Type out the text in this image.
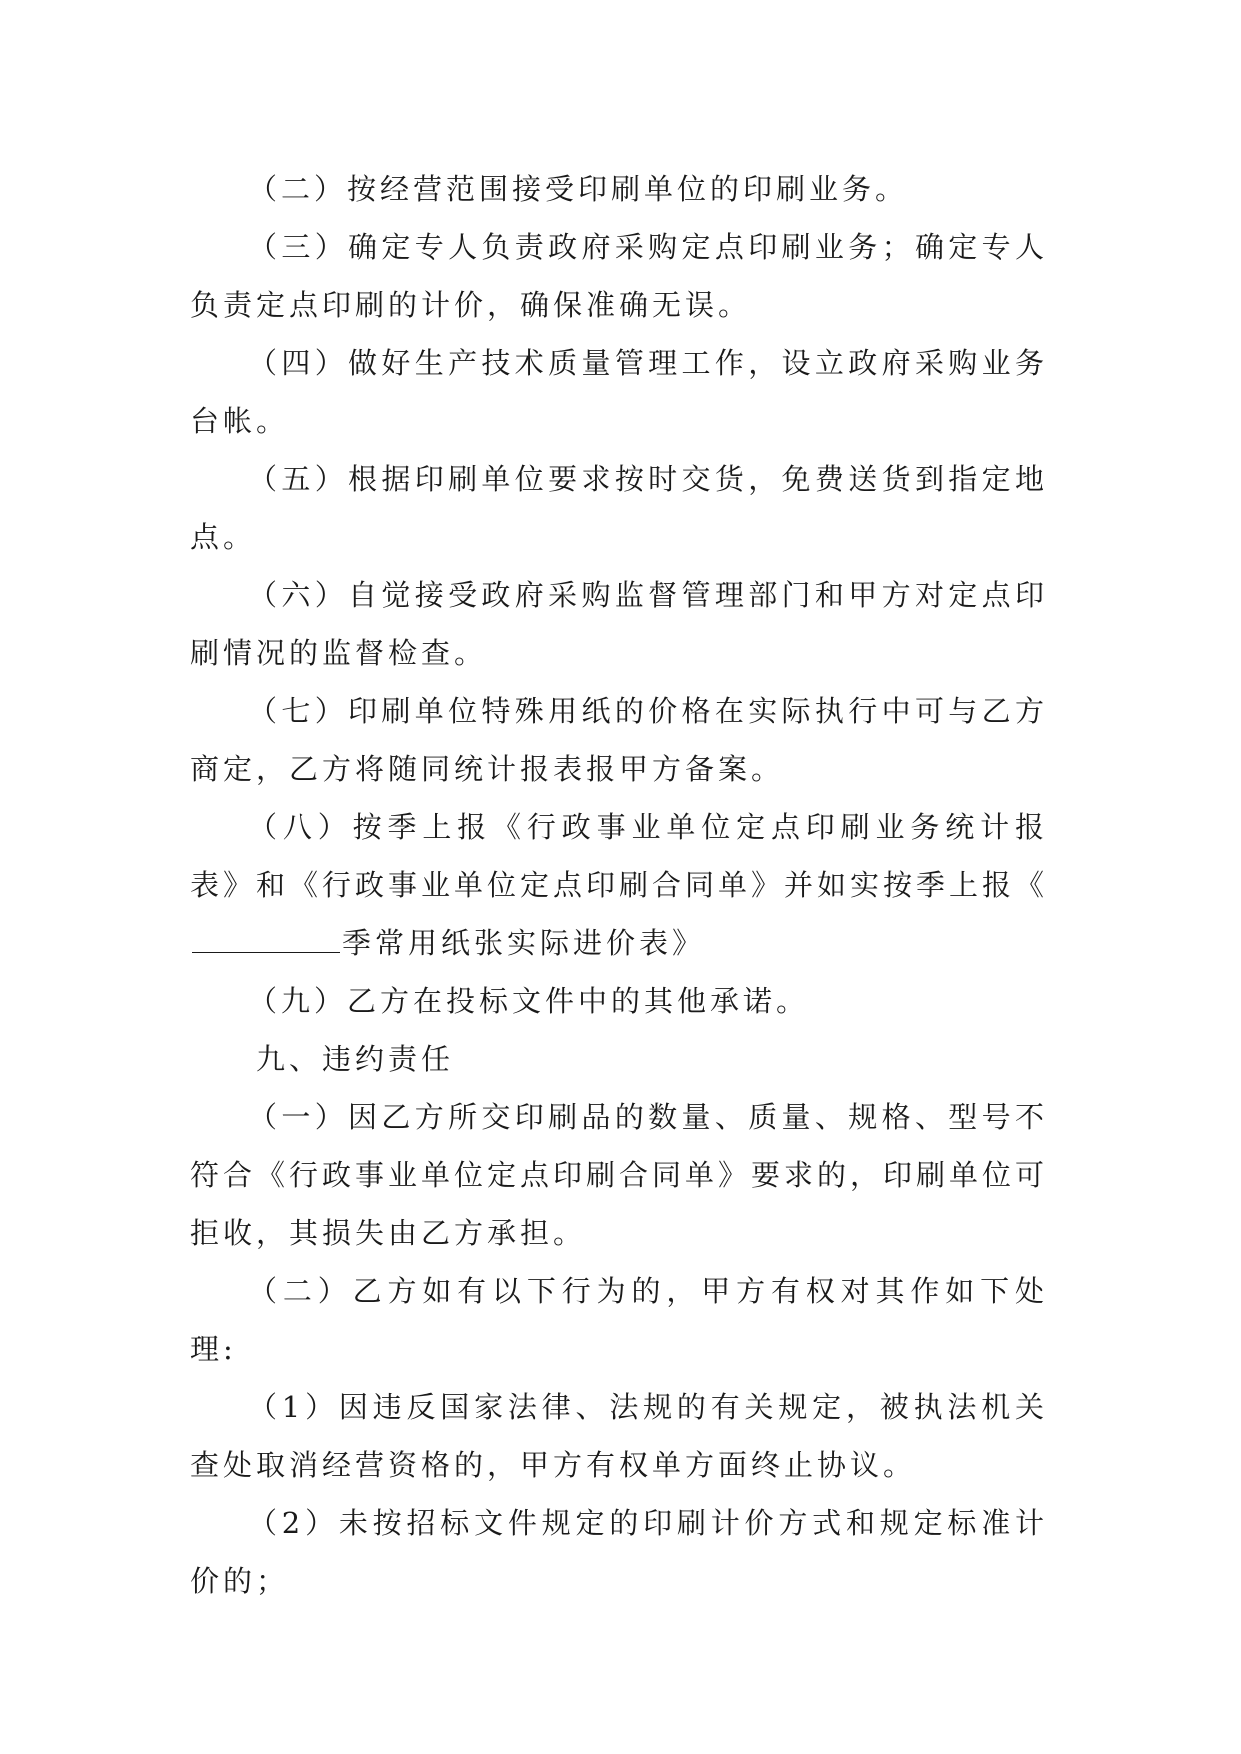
（二）按经营范围接受印刷单位的印刷业务。

（三）确定专人负责政府采购定点印刷业务；确定专人负责定点印刷的计价，确保准确无误。

（四）做好生产技术质量管理工作，设立政府采购业务台帐。

（五）根据印刷单位要求按时交货，免费送货到指定地点。

（六）自觉接受政府采购监督管理部门和甲方对定点印刷情况的监督检查。

（七）印刷单位特殊用纸的价格在实际执行中可与乙方商定，乙方将随同统计报表报甲方备案。

（八）按季上报《行政事业单位定点印刷业务统计报表》和《行政事业单位定点印刷合同单》并如实按季上报《季常用纸张实际进价表》

（九）乙方在投标文件中的其他承诺。

九、违约责任

（一）因乙方所交印刷品的数量、质量、规格、型号不符合《行政事业单位定点印刷合同单》要求的，印刷单位可拒收，其损失由乙方承担。

（二）乙方如有以下行为的，甲方有权对其作如下处理:

（1）因违反国家法律、法规的有关规定，被执法机关查处取消经营资格的，甲方有权单方面终止协议。

（2）未按招标文件规定的印刷计价方式和规定标准计价的；
